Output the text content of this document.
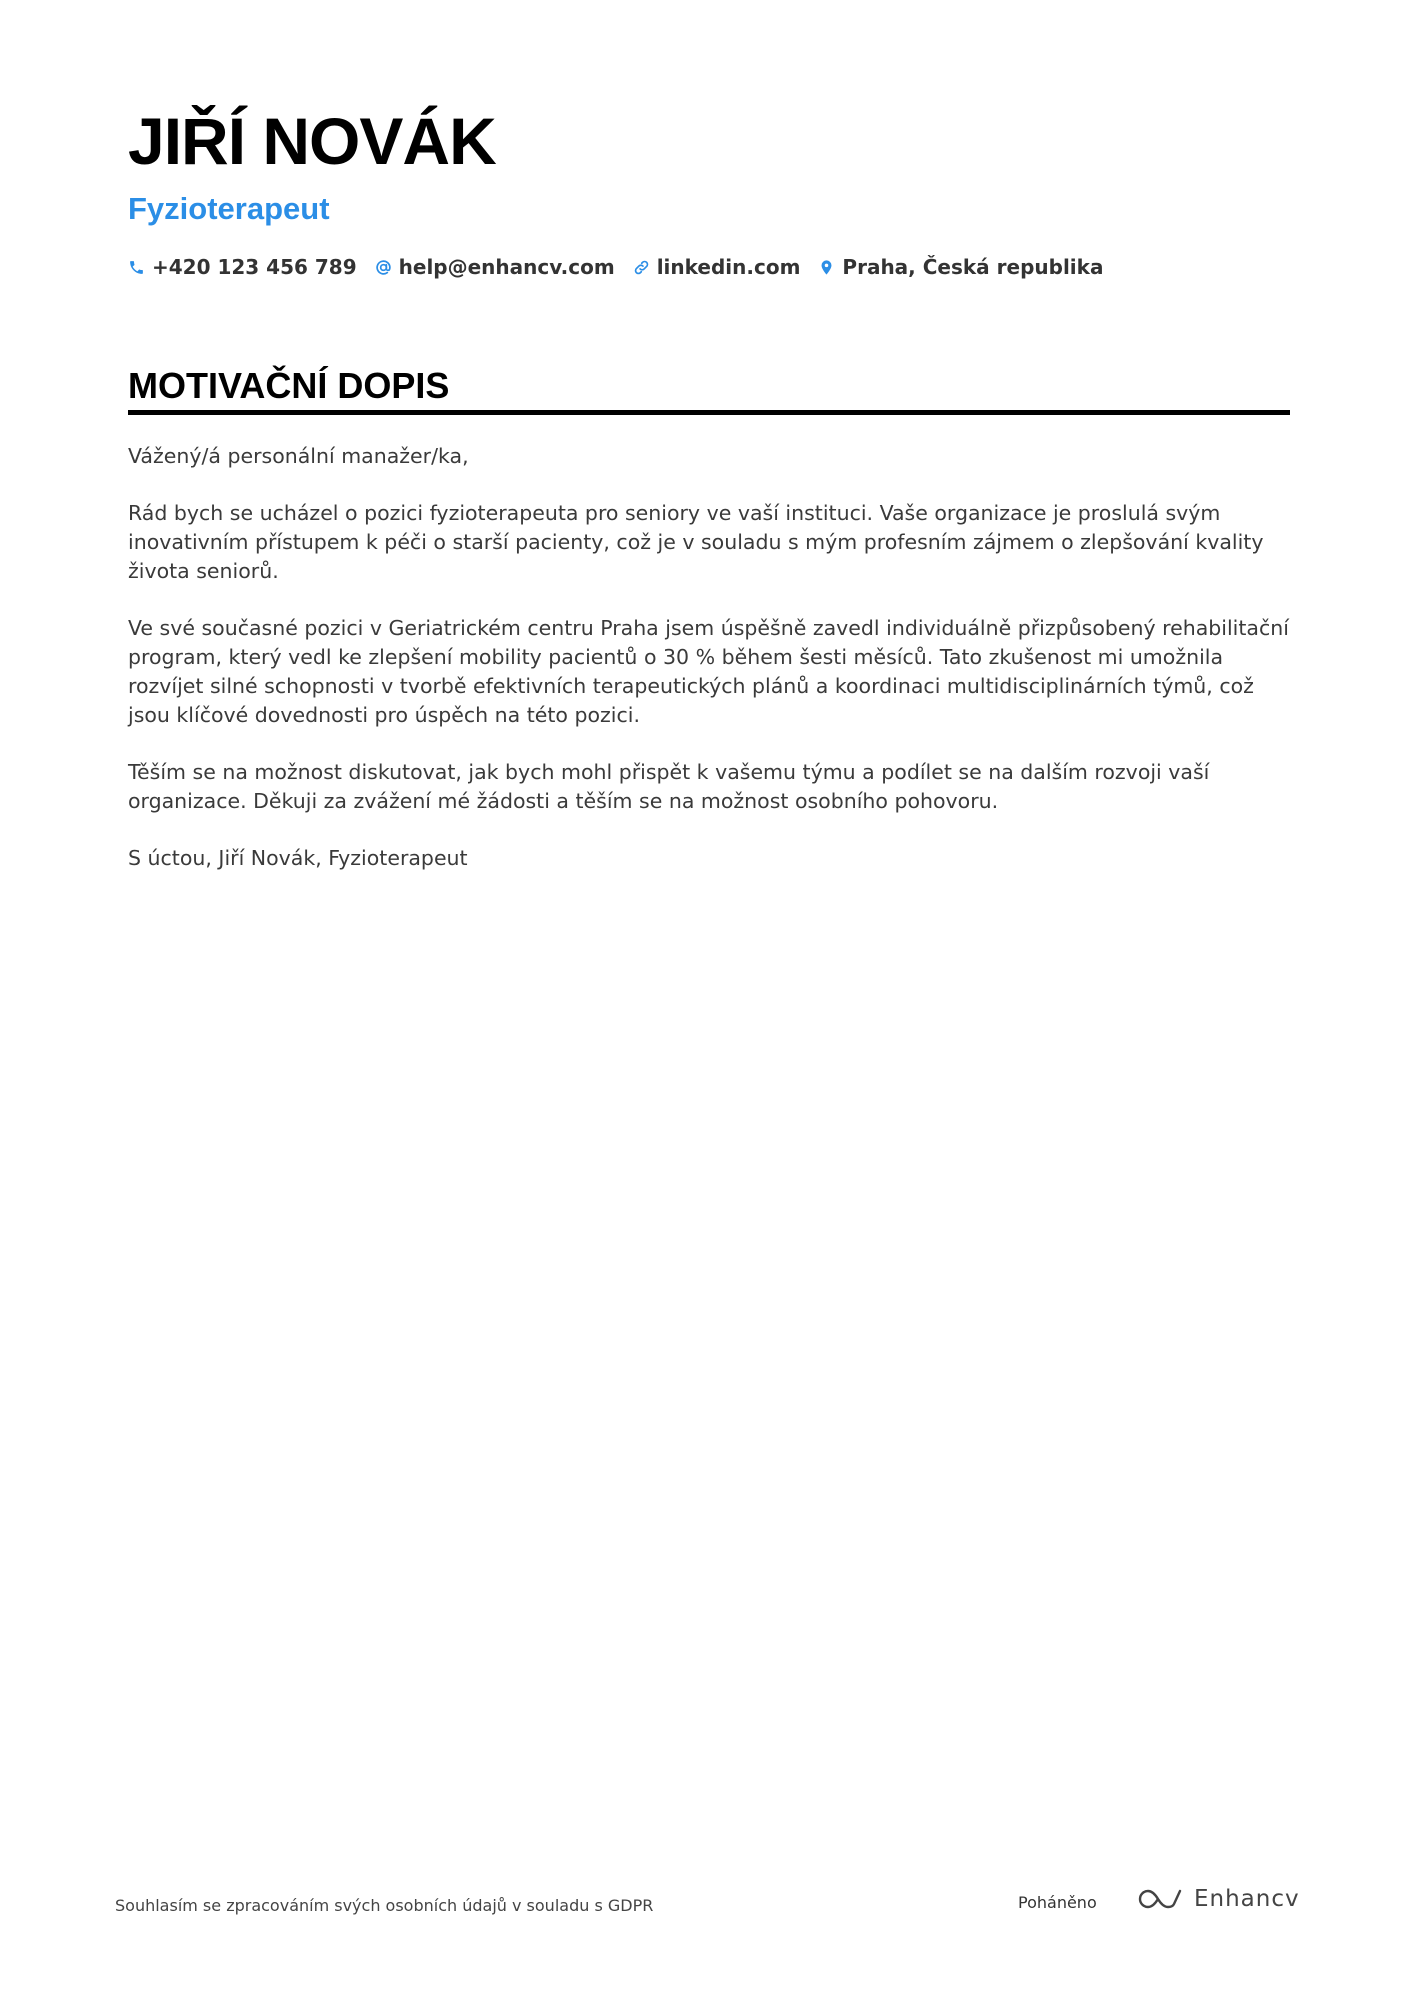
JIŘÍ NOVÁK
Fyzioterapeut
+420 123 456 789 help@enhancv.com linkedin.com Praha, Česká republika
MOTIVAČNÍ DOPIS

Vážený/á personální manažer/ka,

Rád bych se ucházel o pozici fyzioterapeuta pro seniory ve vaší instituci. Vaše organizace je proslulá svým inovativním přístupem k péči o starší pacienty, což je v souladu s mým profesním zájmem o zlepšování kvality života seniorů.

Ve své současné pozici v Geriatrickém centru Praha jsem úspěšně zavedl individuálně přizpůsobený rehabilitační program, který vedl ke zlepšení mobility pacientů o 30 % během šesti měsíců. Tato zkušenost mi umožnila rozvíjet silné schopnosti v tvorbě efektivních terapeutických plánů a koordinaci multidisciplinárních týmů, což jsou klíčové dovednosti pro úspěch na této pozici.

Těším se na možnost diskutovat, jak bych mohl přispět k vašemu týmu a podílet se na dalším rozvoji vaší organizace. Děkuji za zvážení mé žádosti a těším se na možnost osobního pohovoru.

S úctou, Jiří Novák, Fyzioterapeut

Souhlasím se zpracováním svých osobních údajů v souladu s GDPR	Poháněno	Enhancv
